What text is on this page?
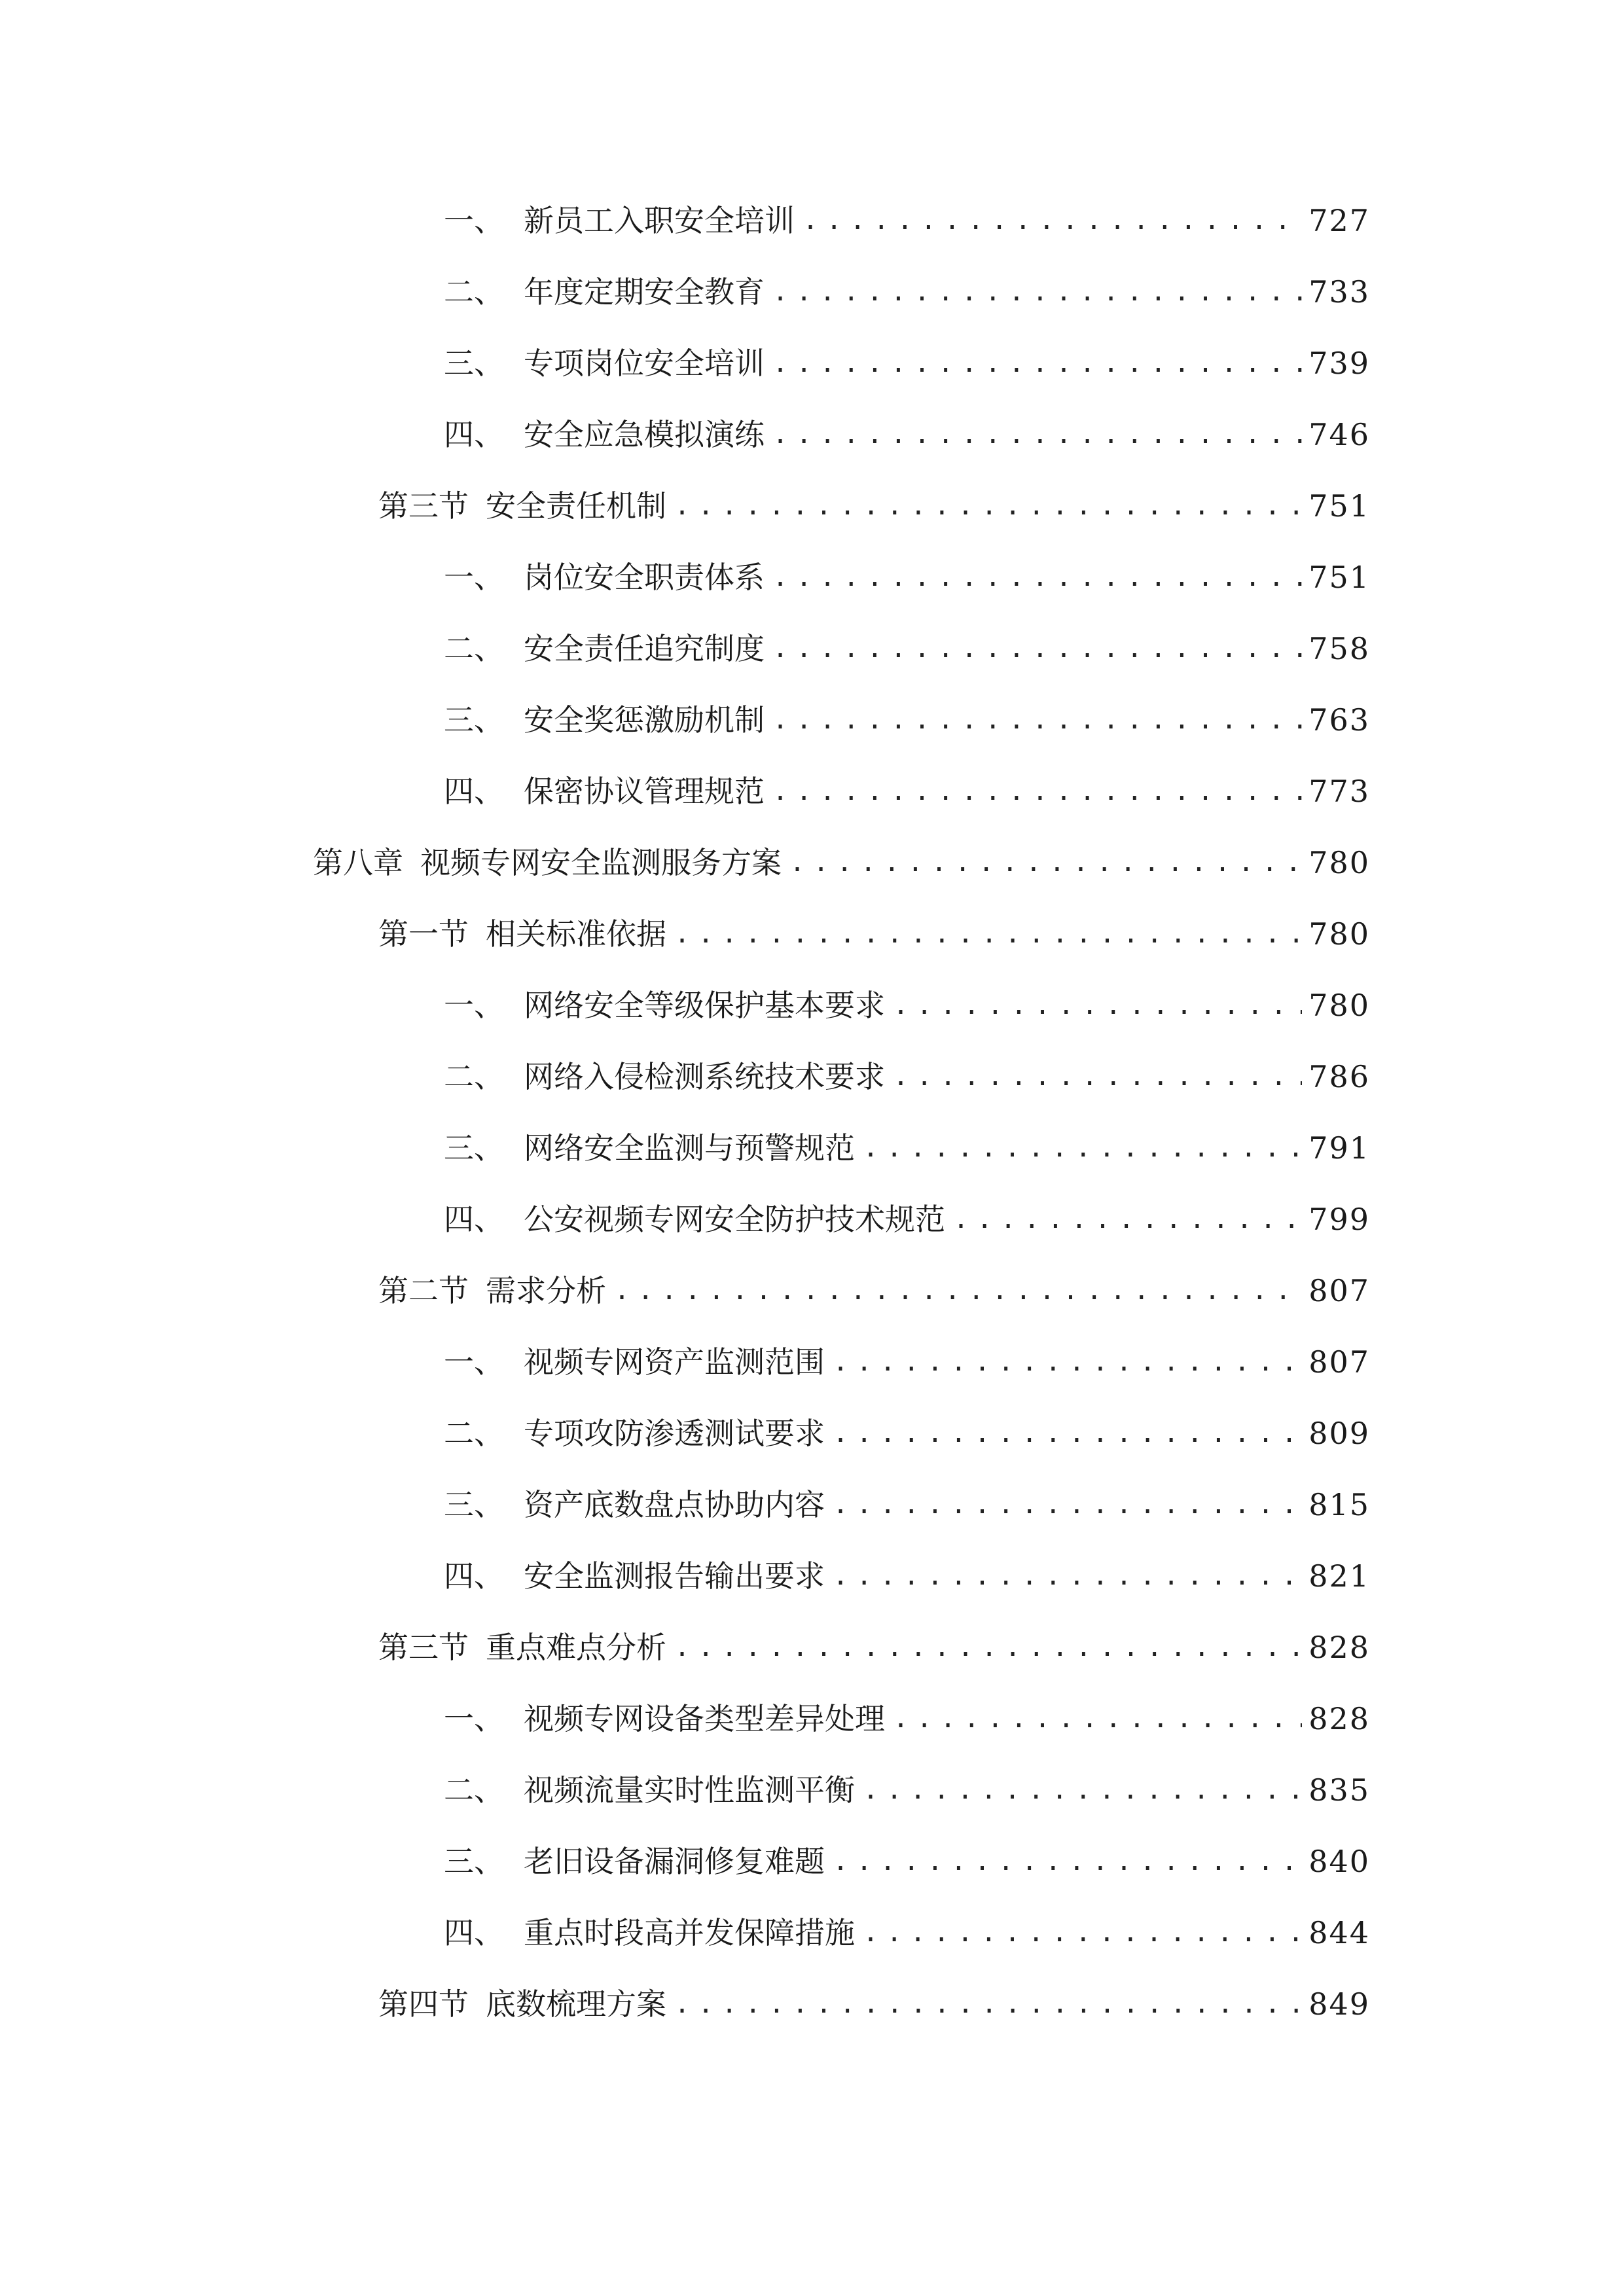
一、 新员工入职安全培训 .....	727
二、 年度定期安全教育 .....	733
三、 专项岗位安全培训 .....	739
四、 安全应急模拟演练 .....	746
第三节 安全责任机制 .....	751
一、 岗位安全职责体系 .....	751
二、 安全责任追究制度 .....	758
三、 安全奖惩激励机制 .....	763
四、 保密协议管理规范 .....	773
第八章 视频专网安全监测服务方案 .....	780
第一节 相关标准依据 .....	780
一、 网络安全等级保护基本要求 .....	780
二、 网络入侵检测系统技术要求 .....	786
三、 网络安全监测与预警规范 .....	791
四、 公安视频专网安全防护技术规范 .....	799
第二节 需求分析 .....	807
一、 视频专网资产监测范围 .....	807
二、 专项攻防渗透测试要求 .....	809
三、 资产底数盘点协助内容 .....	815
四、 安全监测报告输出要求 .....	821
第三节 重点难点分析 .....	828
一、 视频专网设备类型差异处理 .....	828
二、 视频流量实时性监测平衡 .....	835
三、 老旧设备漏洞修复难题 .....	840
四、 重点时段高并发保障措施 .....	844
第四节 底数梳理方案 .....	849
